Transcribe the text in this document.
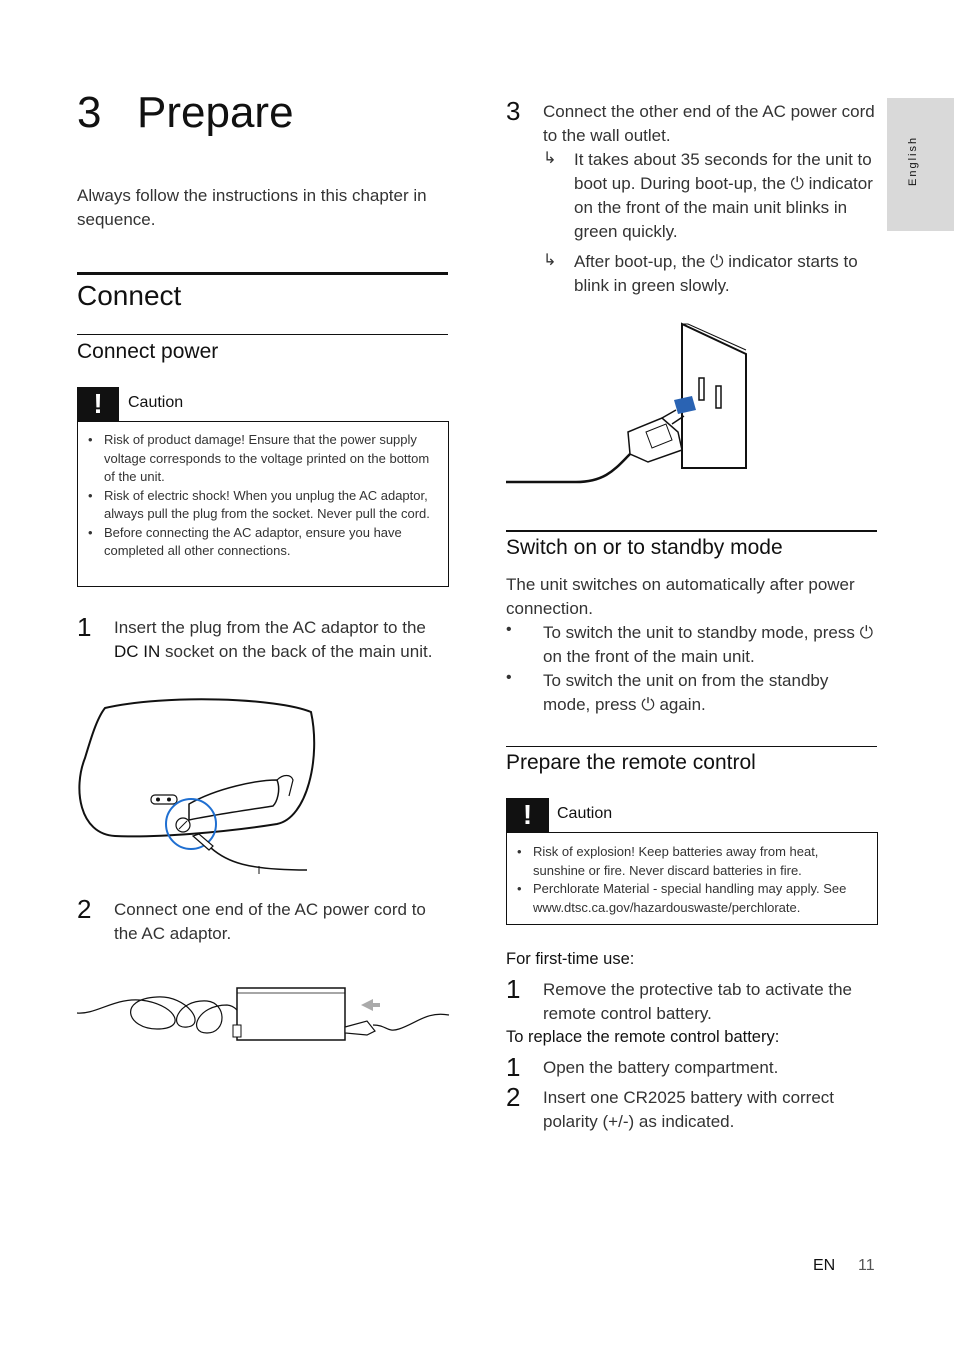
3 Prepare
Always follow the instructions in this chapter in sequence.
Connect
Connect power
!	Caution
• Risk of product damage! Ensure that the power supply voltage corresponds to the voltage printed on the bottom of the unit.
• Risk of electric shock! When you unplug the AC adaptor, always pull the plug from the socket. Never pull the cord.
• Before connecting the AC adaptor, ensure you have completed all other connections.
1 Insert the plug from the AC adaptor to the DC IN socket on the back of the main unit.
2 Connect one end of the AC power cord to the AC adaptor.
3 Connect the other end of the AC power cord to the wall outlet.
↳ It takes about 35 seconds for the unit to boot up. During boot-up, the ⏻ indicator on the front of the main unit blinks in green quickly.
↳ After boot-up, the ⏻ indicator starts to blink in green slowly.
Switch on or to standby mode
The unit switches on automatically after power connection.
• To switch the unit to standby mode, press ⏻ on the front of the main unit.
• To switch the unit on from the standby mode, press ⏻ again.
Prepare the remote control
!	Caution
• Risk of explosion! Keep batteries away from heat, sunshine or fire. Never discard batteries in fire.
• Perchlorate Material - special handling may apply. See www.dtsc.ca.gov/hazardouswaste/perchlorate.
For first-time use:
1 Remove the protective tab to activate the remote control battery.
To replace the remote control battery:
1 Open the battery compartment.
2 Insert one CR2025 battery with correct polarity (+/-) as indicated.
English
EN 11
